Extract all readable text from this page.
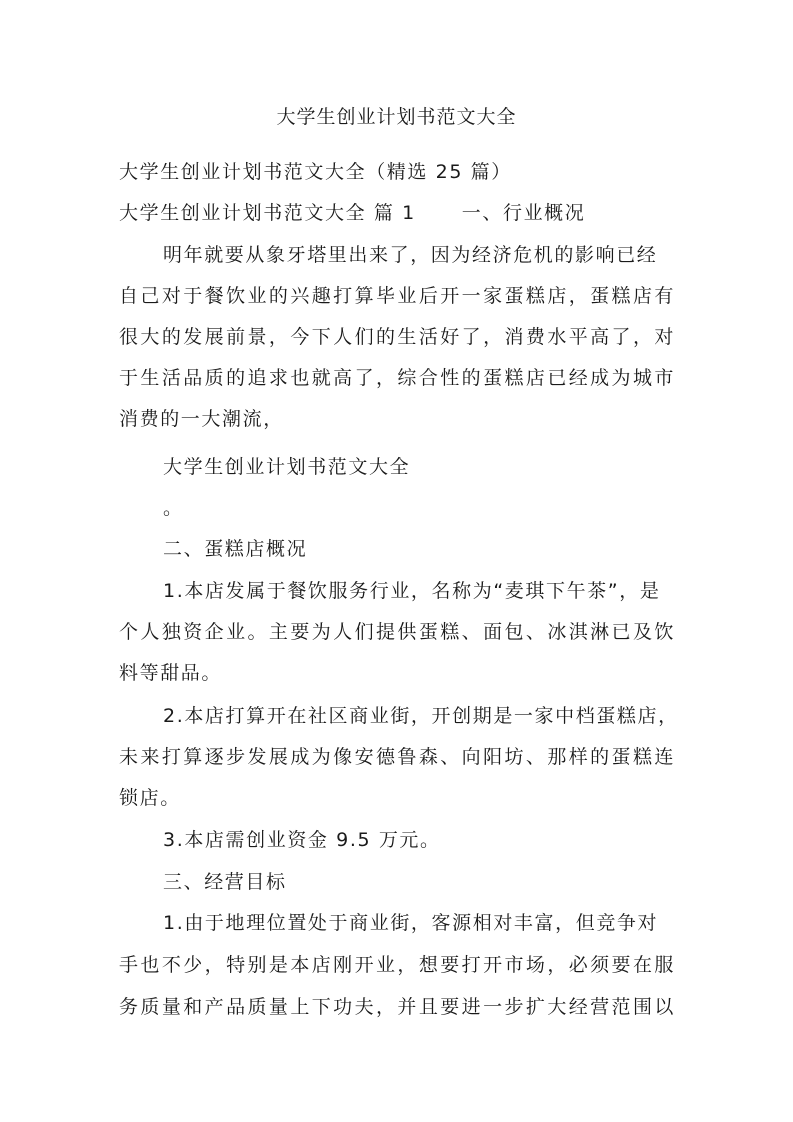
大学生创业计划书范文大全
大学生创业计划书范文大全（精选 25 篇）
大学生创业计划书范文大全 篇 1 一、行业概况
明年就要从象牙塔里出来了，因为经济危机的影响已经
自己对于餐饮业的兴趣打算毕业后开一家蛋糕店，蛋糕店有
很大的发展前景，今下人们的生活好了，消费水平高了，对
于生活品质的追求也就高了，综合性的蛋糕店已经成为城市
消费的一大潮流，
大学生创业计划书范文大全
。
二、蛋糕店概况
1.本店发属于餐饮服务行业，名称为“麦琪下午茶”，是
个人独资企业。主要为人们提供蛋糕、面包、冰淇淋已及饮
料等甜品。
2.本店打算开在社区商业街，开创期是一家中档蛋糕店，
未来打算逐步发展成为像安德鲁森、向阳坊、那样的蛋糕连
锁店。
3.本店需创业资金 9.5 万元。
三、经营目标
1.由于地理位置处于商业街，客源相对丰富，但竞争对
手也不少，特别是本店刚开业，想要打开市场，必须要在服
务质量和产品质量上下功夫，并且要进一步扩大经营范围以
